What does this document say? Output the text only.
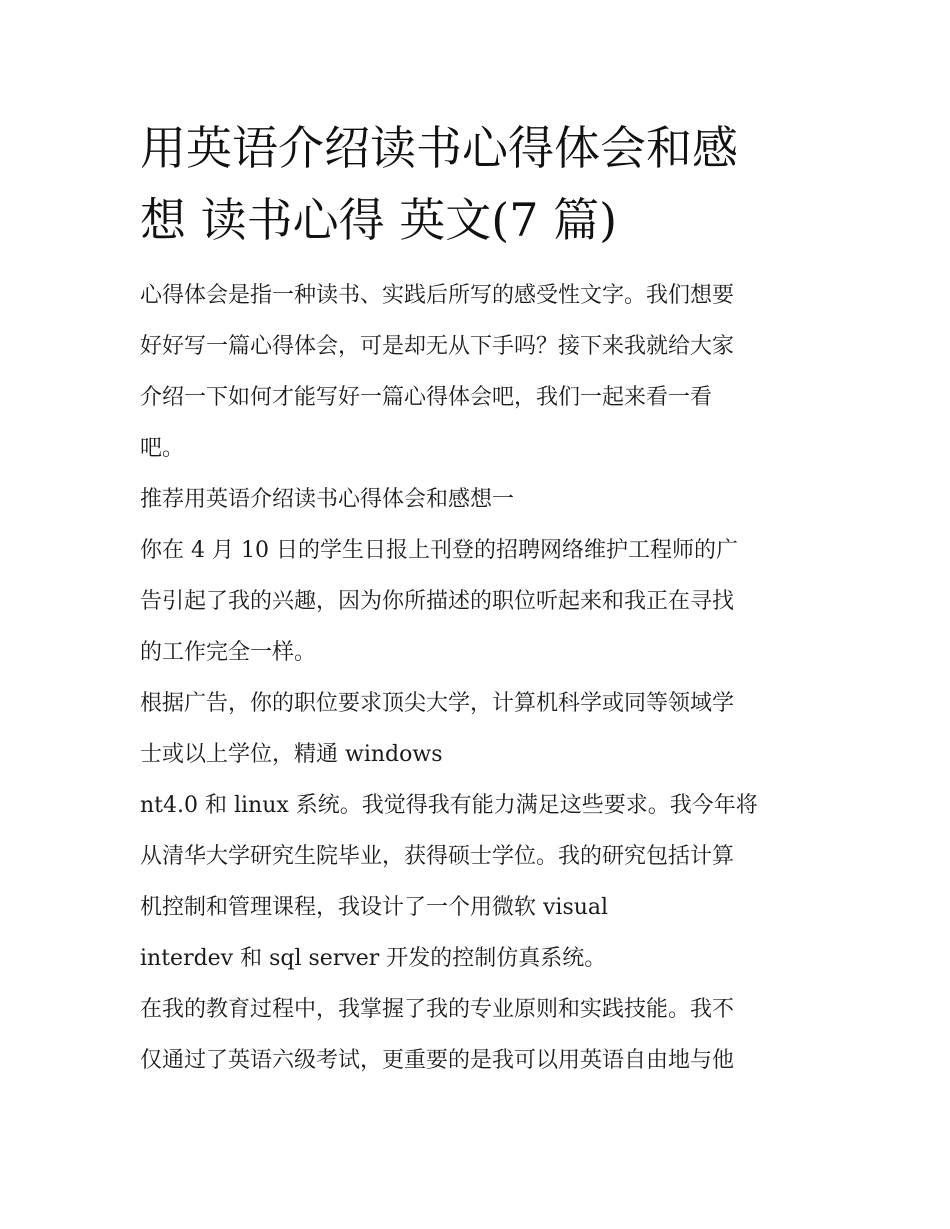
用英语介绍读书心得体会和感
想 读书心得 英文(7 篇)

心得体会是指一种读书、实践后所写的感受性文字。我们想要
好好写一篇心得体会，可是却无从下手吗？接下来我就给大家
介绍一下如何才能写好一篇心得体会吧，我们一起来看一看
吧。

推荐用英语介绍读书心得体会和感想一

你在 4 月 10 日的学生日报上刊登的招聘网络维护工程师的广
告引起了我的兴趣，因为你所描述的职位听起来和我正在寻找
的工作完全一样。

根据广告，你的职位要求顶尖大学，计算机科学或同等领域学
士或以上学位，精通 windows

nt4.0 和 linux 系统。我觉得我有能力满足这些要求。我今年将
从清华大学研究生院毕业，获得硕士学位。我的研究包括计算
机控制和管理课程，我设计了一个用微软 visual

interdev 和 sql server 开发的控制仿真系统。

在我的教育过程中，我掌握了我的专业原则和实践技能。我不
仅通过了英语六级考试，更重要的是我可以用英语自由地与他
